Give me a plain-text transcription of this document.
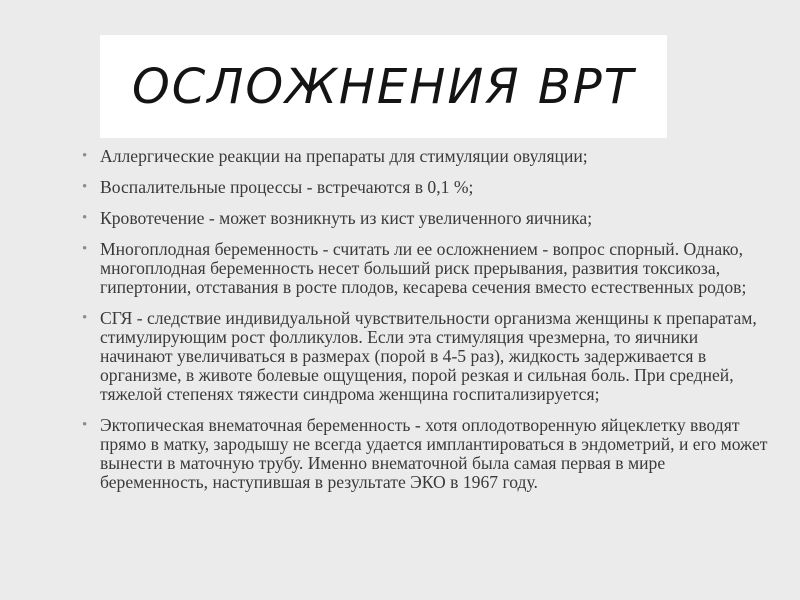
ОСЛОЖНЕНИЯ ВРТ
• Аллергические реакции на препараты для стимуляции овуляции;
• Воспалительные процессы - встречаются в 0,1 %;
• Кровотечение - может возникнуть из кист увеличенного яичника;
• Многоплодная беременность - считать ли ее осложнением - вопрос спорный. Однако, многоплодная беременность несет больший риск прерывания, развития токсикоза, гипертонии, отставания в росте плодов, кесарева сечения вместо естественных родов;
• СГЯ - следствие индивидуальной чувствительности организма женщины к препаратам, стимулирующим рост фолликулов. Если эта стимуляция чрезмерна, то яичники начинают увеличиваться в размерах (порой в 4-5 раз), жидкость задерживается в организме, в животе болевые ощущения, порой резкая и сильная боль. При средней, тяжелой степенях тяжести синдрома женщина госпитализируется;
• Эктопическая внематочная беременность - хотя оплодотворенную яйцеклетку вводят прямо в матку, зародышу не всегда удается имплантироваться в эндометрий, и его может вынести в маточную трубу. Именно внематочной была самая первая в мире беременность, наступившая в результате ЭКО в 1967 году.
